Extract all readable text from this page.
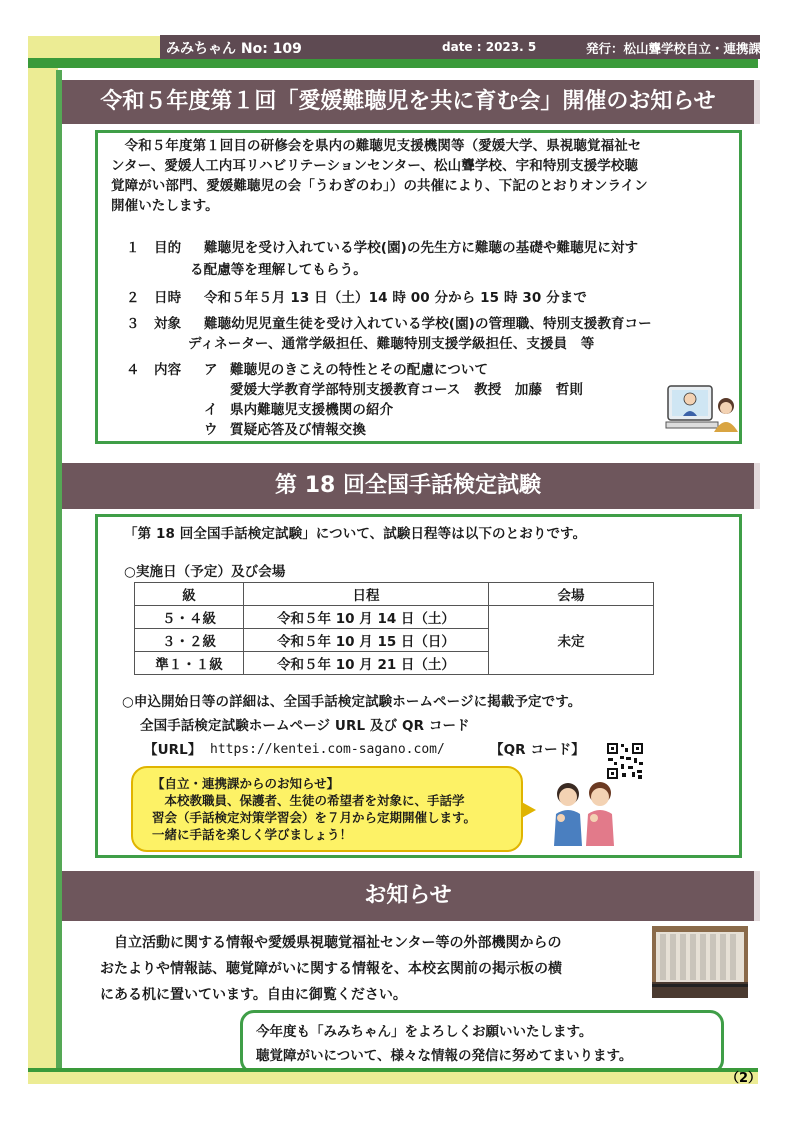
みみちゃん No: 109	date : 2023. 5	発行：松山聾学校自立・連携課
令和５年度第１回「愛媛難聴児を共に育む会」開催のお知らせ
　令和５年度第１回目の研修会を県内の難聴児支援機関等（愛媛大学、県視聴覚福祉セ
ンター、愛媛人工内耳リハビリテーションセンター、松山聾学校、宇和特別支援学校聴
覚障がい部門、愛媛難聴児の会「うわぎのわ」）の共催により、下記のとおりオンライン
開催いたします。
１ 目的 難聴児を受け入れている学校(園)の先生方に難聴の基礎や難聴児に対す
る配慮等を理解してもらう。
２ 日時 令和５年５月 13 日（土）14 時 00 分から 15 時 30 分まで
３ 対象 難聴幼児児童生徒を受け入れている学校(園)の管理職、特別支援教育コー
ディネーター、通常学級担任、難聴特別支援学級担任、支援員　等
４ 内容 ア 難聴児のきこえの特性とその配慮について
愛媛大学教育学部特別支援教育コース　教授　加藤　哲則
イ 県内難聴児支援機関の紹介
ウ 質疑応答及び情報交換
第 18 回全国手話検定試験
「第 18 回全国手話検定試験」について、試験日程等は以下のとおりです。
○実施日（予定）及び会場
級	日程	会場
５・４級	令和５年 10 月 14 日（土）	未定
３・２級	令和５年 10 月 15 日（日）	
準１・１級	令和５年 10 月 21 日（土）	
○申込開始日等の詳細は、全国手話検定試験ホームページに掲載予定です。
全国手話検定試験ホームページ URL 及び QR コード
【URL】 https://kentei.com-sagano.com/	【QR コード】
【自立・連携課からのお知らせ】
　本校教職員、保護者、生徒の希望者を対象に、手話学
習会（手話検定対策学習会）を７月から定期開催します。
一緒に手話を楽しく学びましょう！
お知らせ
　自立活動に関する情報や愛媛県視聴覚福祉センター等の外部機関からの
おたよりや情報誌、聴覚障がいに関する情報を、本校玄関前の掲示板の横
にある机に置いています。自由に御覧ください。
今年度も「みみちゃん」をよろしくお願いいたします。
聴覚障がいについて、様々な情報の発信に努めてまいります。
（2）
